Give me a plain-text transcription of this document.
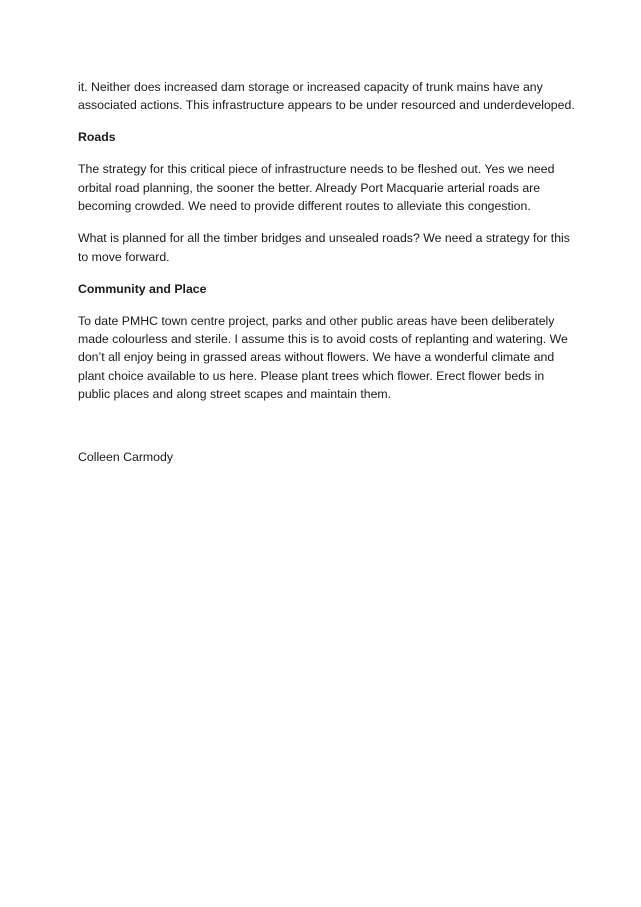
it. Neither does increased dam storage or increased capacity of trunk mains have any associated actions. This infrastructure appears to be under resourced and underdeveloped.

Roads

The strategy for this critical piece of infrastructure needs to be fleshed out. Yes we need orbital road planning, the sooner the better. Already Port Macquarie arterial roads are becoming crowded. We need to provide different routes to alleviate this congestion.

What is planned for all the timber bridges and unsealed roads? We need a strategy for this to move forward.

Community and Place

To date PMHC town centre project, parks and other public areas have been deliberately made colourless and sterile. I assume this is to avoid costs of replanting and watering. We don’t all enjoy being in grassed areas without flowers. We have a wonderful climate and plant choice available to us here. Please plant trees which flower. Erect flower beds in public places and along street scapes and maintain them.

Colleen Carmody
